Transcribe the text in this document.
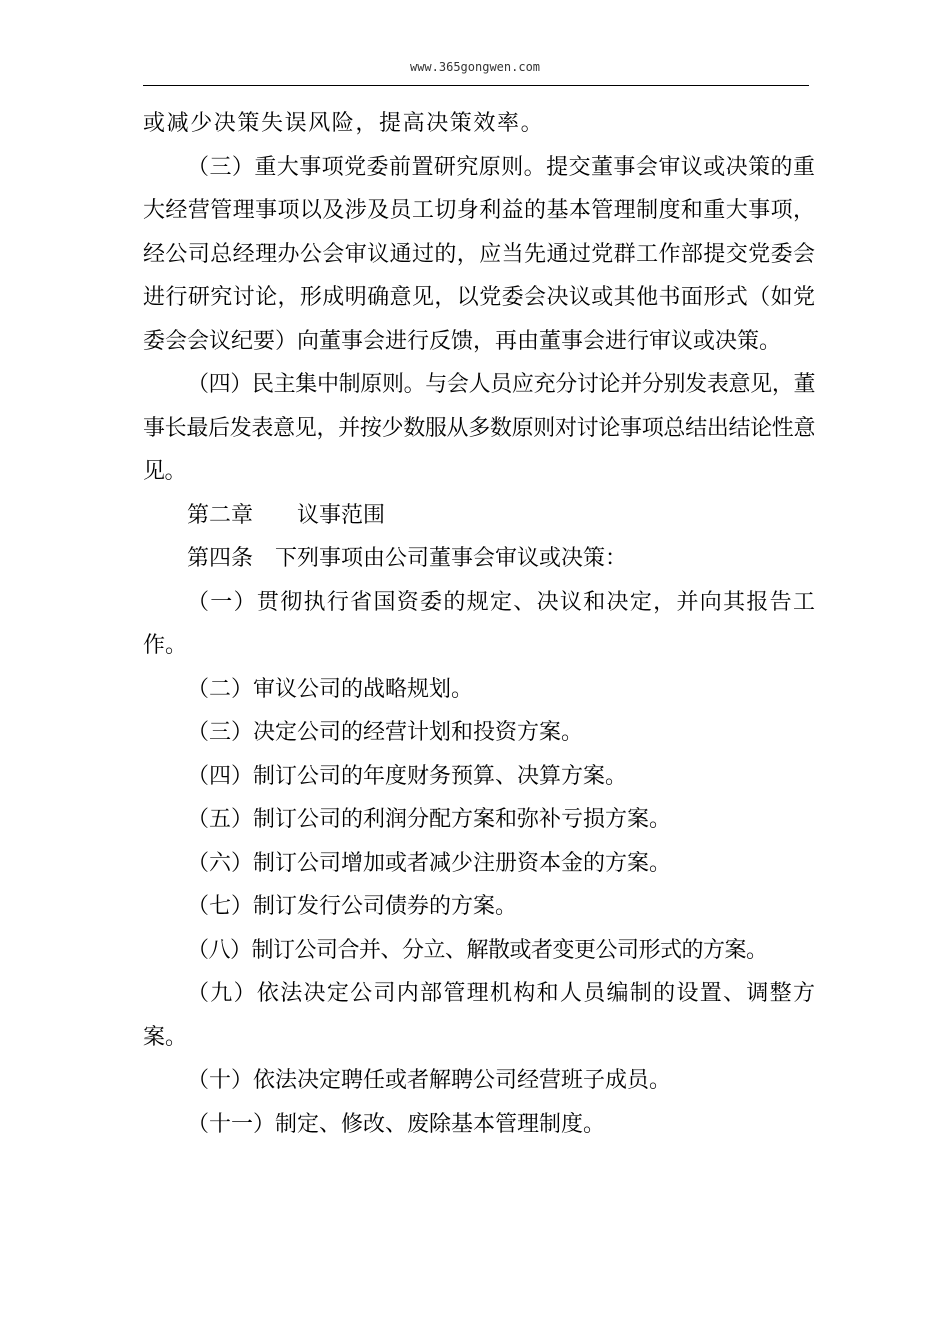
www.365gongwen.com

或减少决策失误风险，提高决策效率。

（三）重大事项党委前置研究原则。提交董事会审议或决策的重大经营管理事项以及涉及员工切身利益的基本管理制度和重大事项，经公司总经理办公会审议通过的，应当先通过党群工作部提交党委会进行研究讨论，形成明确意见，以党委会决议或其他书面形式（如党委会会议纪要）向董事会进行反馈，再由董事会进行审议或决策。

（四）民主集中制原则。与会人员应充分讨论并分别发表意见，董事长最后发表意见，并按少数服从多数原则对讨论事项总结出结论性意见。

第二章　　议事范围

第四条　下列事项由公司董事会审议或决策：

（一）贯彻执行省国资委的规定、决议和决定，并向其报告工作。

（二）审议公司的战略规划。

（三）决定公司的经营计划和投资方案。

（四）制订公司的年度财务预算、决算方案。

（五）制订公司的利润分配方案和弥补亏损方案。

（六）制订公司增加或者减少注册资本金的方案。

（七）制订发行公司债券的方案。

（八）制订公司合并、分立、解散或者变更公司形式的方案。

（九）依法决定公司内部管理机构和人员编制的设置、调整方案。

（十）依法决定聘任或者解聘公司经营班子成员。

（十一）制定、修改、废除基本管理制度。
